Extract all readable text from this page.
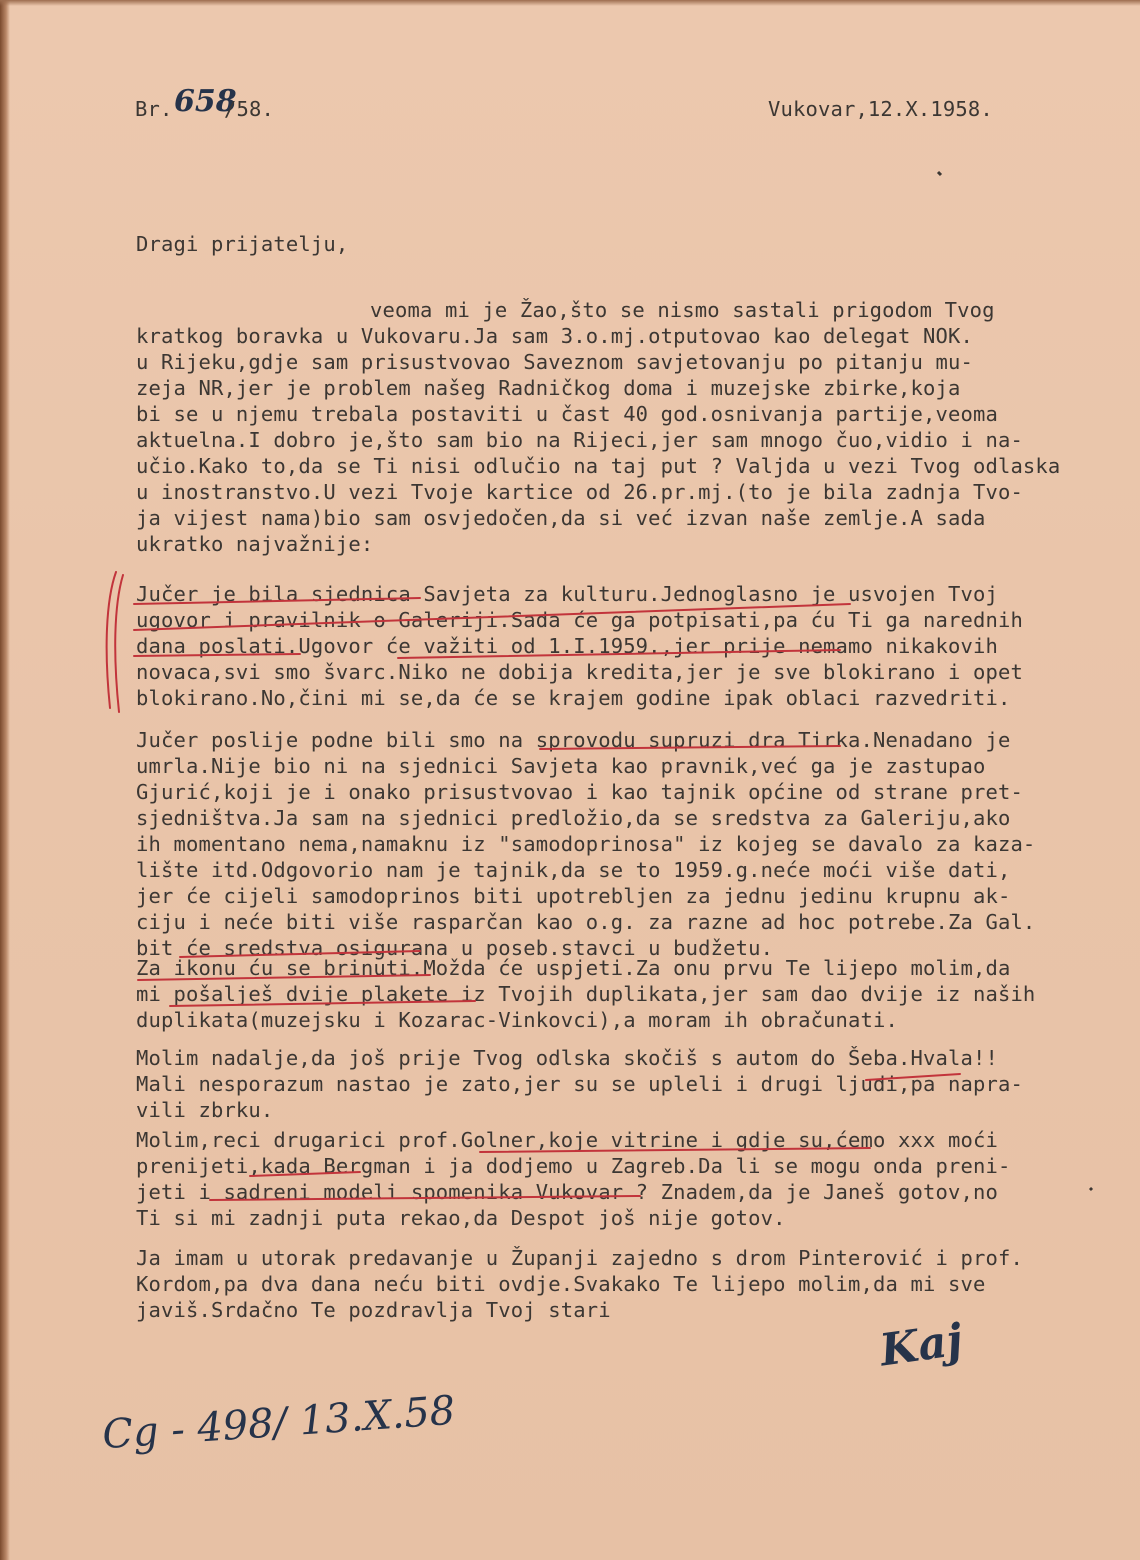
Br. 658
/58.	Vukovar,12.X.1958.
Dragi prijatelju,
veoma mi je Žao,što se nismo sastali prigodom Tvog
kratkog boravka u Vukovaru.Ja sam 3.o.mj.otputovao kao delegat NOK.
u Rijeku,gdje sam prisustvovao Saveznom savjetovanju po pitanju mu-
zeja NR,jer je problem našeg Radničkog doma i muzejske zbirke,koja
bi se u njemu trebala postaviti u čast 40 god.osnivanja partije,veoma
aktuelna.I dobro je,što sam bio na Rijeci,jer sam mnogo čuo,vidio i na-
učio.Kako to,da se Ti nisi odlučio na taj put ? Valjda u vezi Tvog odlaska
u inostranstvo.U vezi Tvoje kartice od 26.pr.mj.(to je bila zadnja Tvo-
ja vijest nama)bio sam osvjedočen,da si već izvan naše zemlje.A sada
ukratko najvažnije:
Jučer je bila sjednica Savjeta za kulturu.Jednoglasno je usvojen Tvoj
ugovor i pravilnik o Galeriji.Sada će ga potpisati,pa ću Ti ga narednih
dana poslati.Ugovor će važiti od 1.I.1959.,jer prije nemamo nikakovih
novaca,svi smo švarc.Niko ne dobija kredita,jer je sve blokirano i opet
blokirano.No,čini mi se,da će se krajem godine ipak oblaci razvedriti.
Jučer poslije podne bili smo na sprovodu supruzi dra Tirka.Nenadano je
umrla.Nije bio ni na sjednici Savjeta kao pravnik,već ga je zastupao
Gjurić,koji je i onako prisustvovao i kao tajnik općine od strane pret-
sjedništva.Ja sam na sjednici predložio,da se sredstva za Galeriju,ako
ih momentano nema,namaknu iz "samodoprinosa" iz kojeg se davalo za kaza-
lište itd.Odgovorio nam je tajnik,da se to 1959.g.neće moći više dati,
jer će cijeli samodoprinos biti upotrebljen za jednu jedinu krupnu ak-
ciju i neće biti više rasparčan kao o.g. za razne ad hoc potrebe.Za Gal.
bit će sredstva osigurana u poseb.stavci u budžetu.
Za ikonu ću se brinuti.Možda će uspjeti.Za onu prvu Te lijepo molim,da
mi pošalješ dvije plakete iz Tvojih duplikata,jer sam dao dvije iz naših
duplikata(muzejsku i Kozarac-Vinkovci),a moram ih obračunati.
Molim nadalje,da još prije Tvog odlska skočiš s autom do Šeba.Hvala!!
Mali nesporazum nastao je zato,jer su se upleli i drugi ljudi,pa napra-
vili zbrku.
Molim,reci drugarici prof.Golner,koje vitrine i gdje su,ćemo xxx moći
prenijeti,kada Bergman i ja dodjemo u Zagreb.Da li se mogu onda preni-
jeti i sadreni modeli spomenika Vukovar ? Znadem,da je Janeš gotov,no
Ti si mi zadnji puta rekao,da Despot još nije gotov.
Ja imam u utorak predavanje u Županji zajedno s drom Pinterović i prof.
Kordom,pa dva dana neću biti ovdje.Svakako Te lijepo molim,da mi sve
javiš.Srdačno Te pozdravlja Tvoj stari
Kaj
Cg - 498/ 13.X.58
